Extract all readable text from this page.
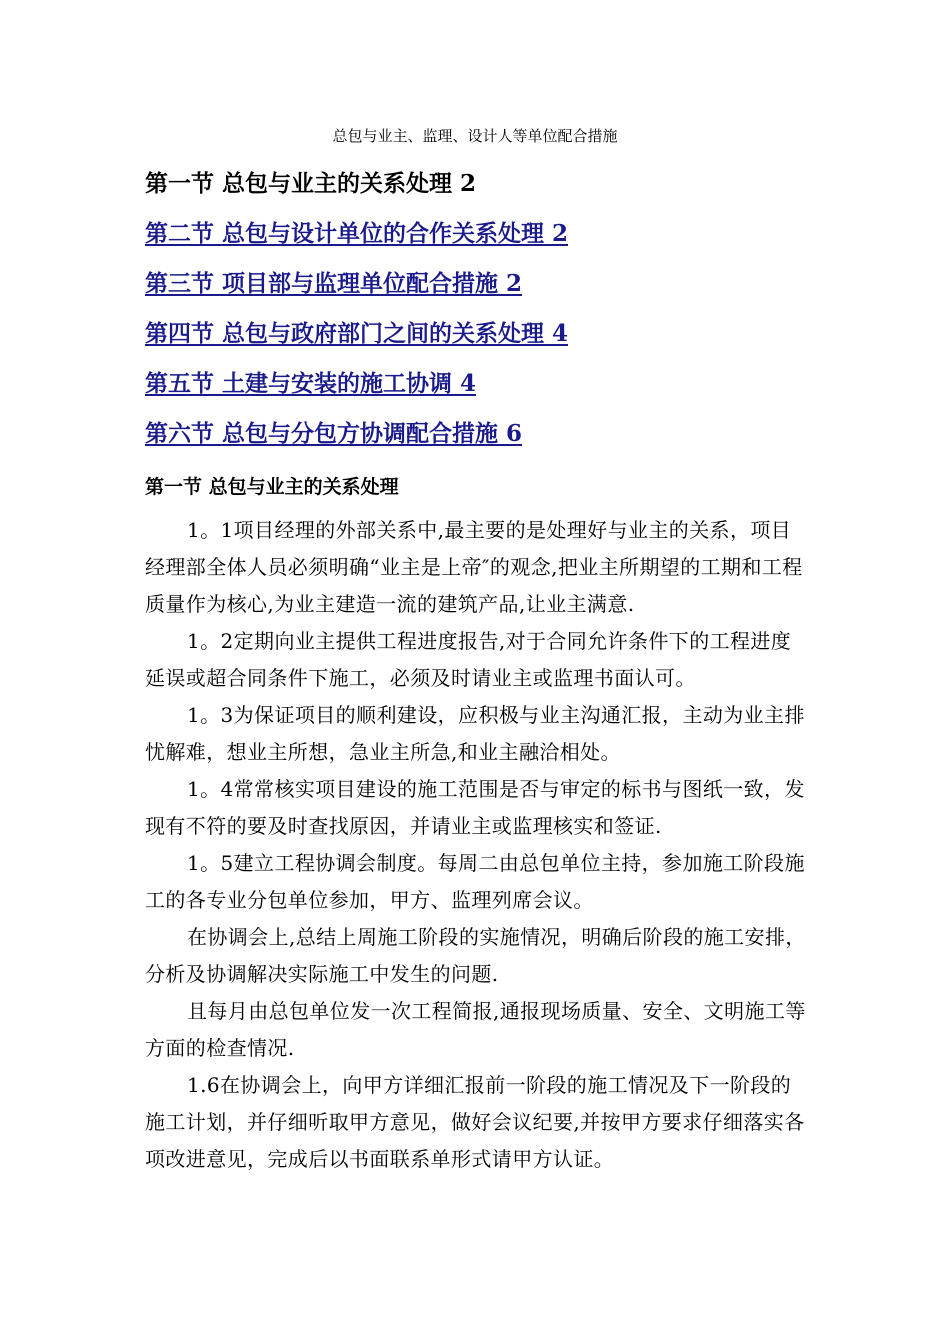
总包与业主、监理、设计人等单位配合措施
第一节 总包与业主的关系处理 2
第二节 总包与设计单位的合作关系处理 2
第三节 项目部与监理单位配合措施 2
第四节 总包与政府部门之间的关系处理 4
第五节 土建与安装的施工协调 4
第六节 总包与分包方协调配合措施 6
第一节 总包与业主的关系处理

1。1项目经理的外部关系中,最主要的是处理好与业主的关系，项目经理部全体人员必须明确“业主是上帝″的观念,把业主所期望的工期和工程质量作为核心,为业主建造一流的建筑产品,让业主满意.

1。2定期向业主提供工程进度报告,对于合同允许条件下的工程进度延误或超合同条件下施工，必须及时请业主或监理书面认可。

1。3为保证项目的顺利建设，应积极与业主沟通汇报，主动为业主排忧解难，想业主所想，急业主所急,和业主融洽相处。

1。4常常核实项目建设的施工范围是否与审定的标书与图纸一致，发现有不符的要及时查找原因，并请业主或监理核实和签证.

1。5建立工程协调会制度。每周二由总包单位主持，参加施工阶段施工的各专业分包单位参加，甲方、监理列席会议。

在协调会上,总结上周施工阶段的实施情况，明确后阶段的施工安排，分析及协调解决实际施工中发生的问题.

且每月由总包单位发一次工程简报,通报现场质量、安全、文明施工等方面的检查情况.

1.6在协调会上，向甲方详细汇报前一阶段的施工情况及下一阶段的施工计划，并仔细听取甲方意见，做好会议纪要,并按甲方要求仔细落实各项改进意见，完成后以书面联系单形式请甲方认证。
